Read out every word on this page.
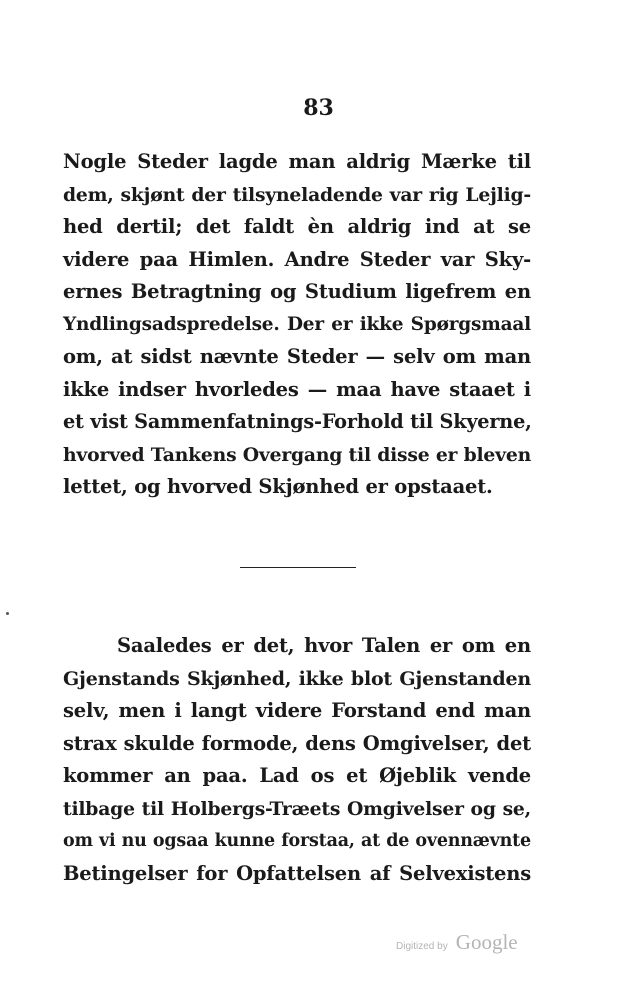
83
Nogle Steder lagde man aldrig Mærke til
dem, skjønt der tilsyneladende var rig Lejlig-
hed dertil; det faldt èn aldrig ind at se
videre paa Himlen. Andre Steder var Sky-
ernes Betragtning og Studium ligefrem en
Yndlingsadspredelse. Der er ikke Spørgsmaal
om, at sidst nævnte Steder — selv om man
ikke indser hvorledes — maa have staaet i
et vist Sammenfatnings-Forhold til Skyerne,
hvorved Tankens Overgang til disse er bleven
lettet, og hvorved Skjønhed er opstaaet.
Saaledes er det, hvor Talen er om en
Gjenstands Skjønhed, ikke blot Gjenstanden
selv, men i langt videre Forstand end man
strax skulde formode, dens Omgivelser, det
kommer an paa. Lad os et Øjeblik vende
tilbage til Holbergs-Træets Omgivelser og se,
om vi nu ogsaa kunne forstaa, at de ovennævnte
Betingelser for Opfattelsen af Selvexistens
Digitized by Google
